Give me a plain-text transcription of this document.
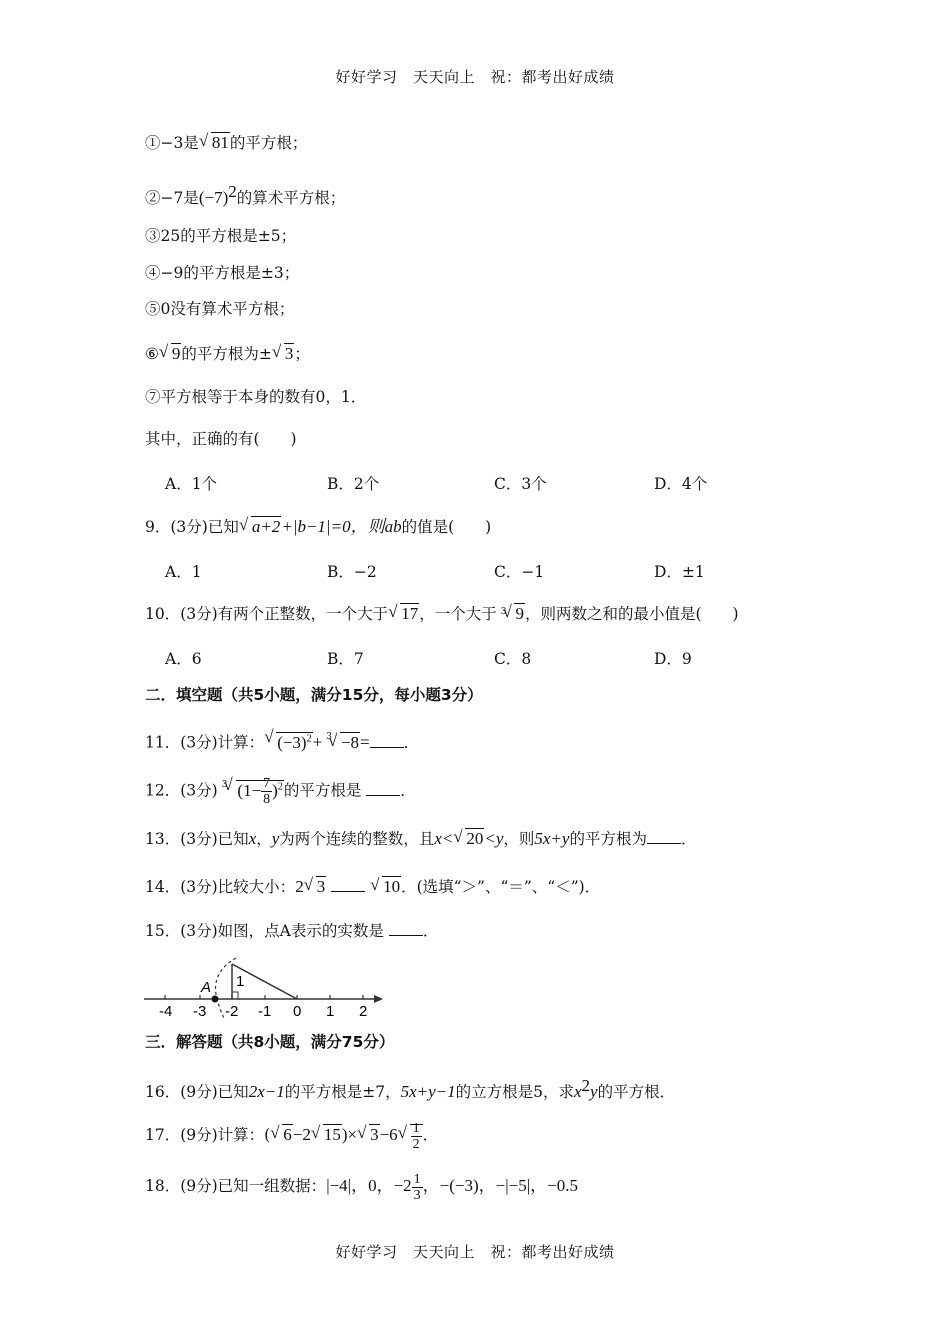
好好学习　天天向上　祝：都考出好成绩
①−3是√ 81的平方根；
②−7是$(-7)^2$的算术平方根；
③25的平方根是±5；
④−9的平方根是±3；
⑤0没有算术平方根；
⑥√ 9的平方根为±√ 3；
⑦平方根等于本身的数有0，1．
其中，正确的有(　　)
A．1个	B．2个	C．3个	D．4个
9．(3分)已知√ a+2+|b−1|=0，则ab的值是(　　)
A．1	B．−2	C．−1	D．±1
10．(3分)有两个正整数，一个大于√ 17，一个大于 $^3$√ 9，则两数之和的最小值是(　　)
A．6	B．7	C．8	D．9
二．填空题（共5小题，满分15分，每小题3分）
11．(3分)计算：√ $(-3)^2+ ^3√ -8=$ ．
12．(3分) $^3$√ $(1- \frac{7}{8} )^2$的平方根是	．
13．(3分)已知x，y为两个连续的整数，且x<√ 20<y，则5x+y的平方根为 ．
14．(3分)比较大小：2√ 3  √	10．(选填“＞”、“＝”、“＜”)．
15．(3分)如图，点A表示的实数是	．
A 1
-4 -3 -2 -1 0 1 2
三．解答题（共8小题，满分75分）
16．(9分)已知2x−1的平方根是±7，5x+y−1的立方根是5，求$x^2y$的平方根．
17．(9分)计算：(√ 6−2√ 15)×√ 3−6
√ $\frac{1}{2}$ ．
18．(9分)已知一组数据：|−4|，0，$-2 \frac{1}{3}$ ，−(−3)，−|−5|，−0.5
好好学习　天天向上　祝：都考出好成绩
